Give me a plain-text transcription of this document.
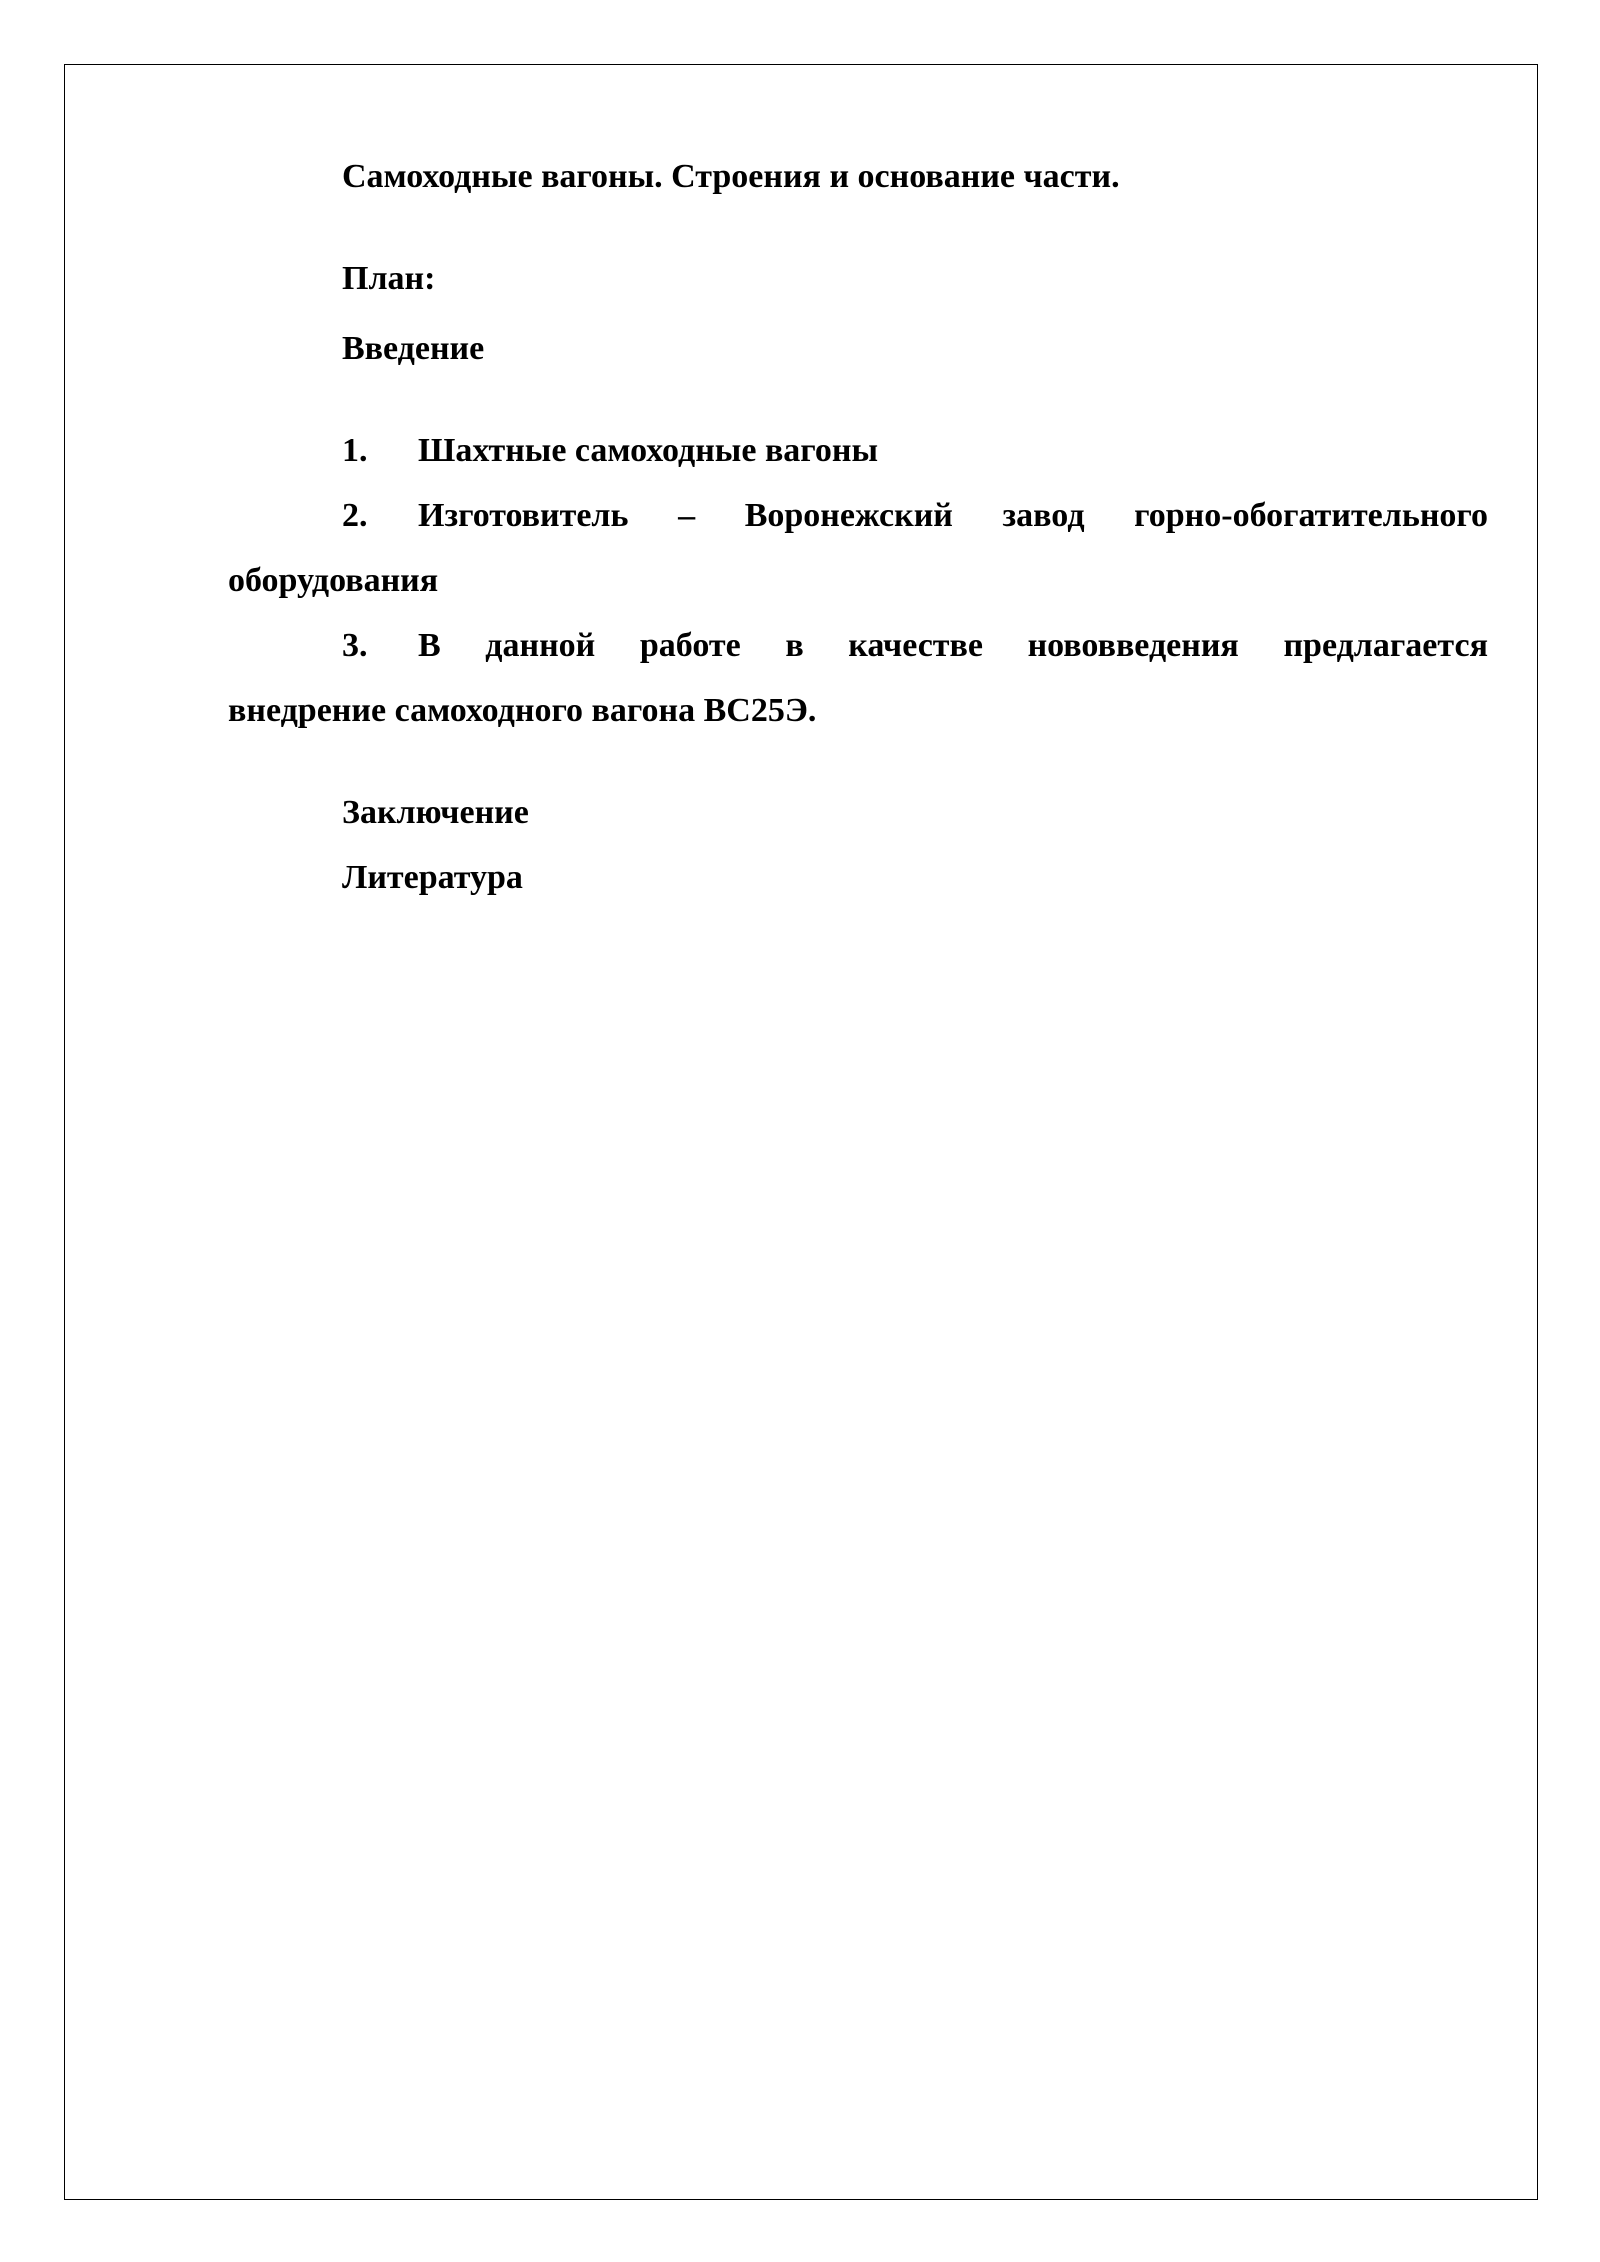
Самоходные вагоны. Строения и основание части.
План:
Введение
1. Шахтные самоходные вагоны
2.	Изготовитель – Воронежский завод горно-обогатительного
оборудования
3.	В данной работе в качестве нововведения предлагается
внедрение самоходного вагона ВС25Э.
Заключение
Литература
